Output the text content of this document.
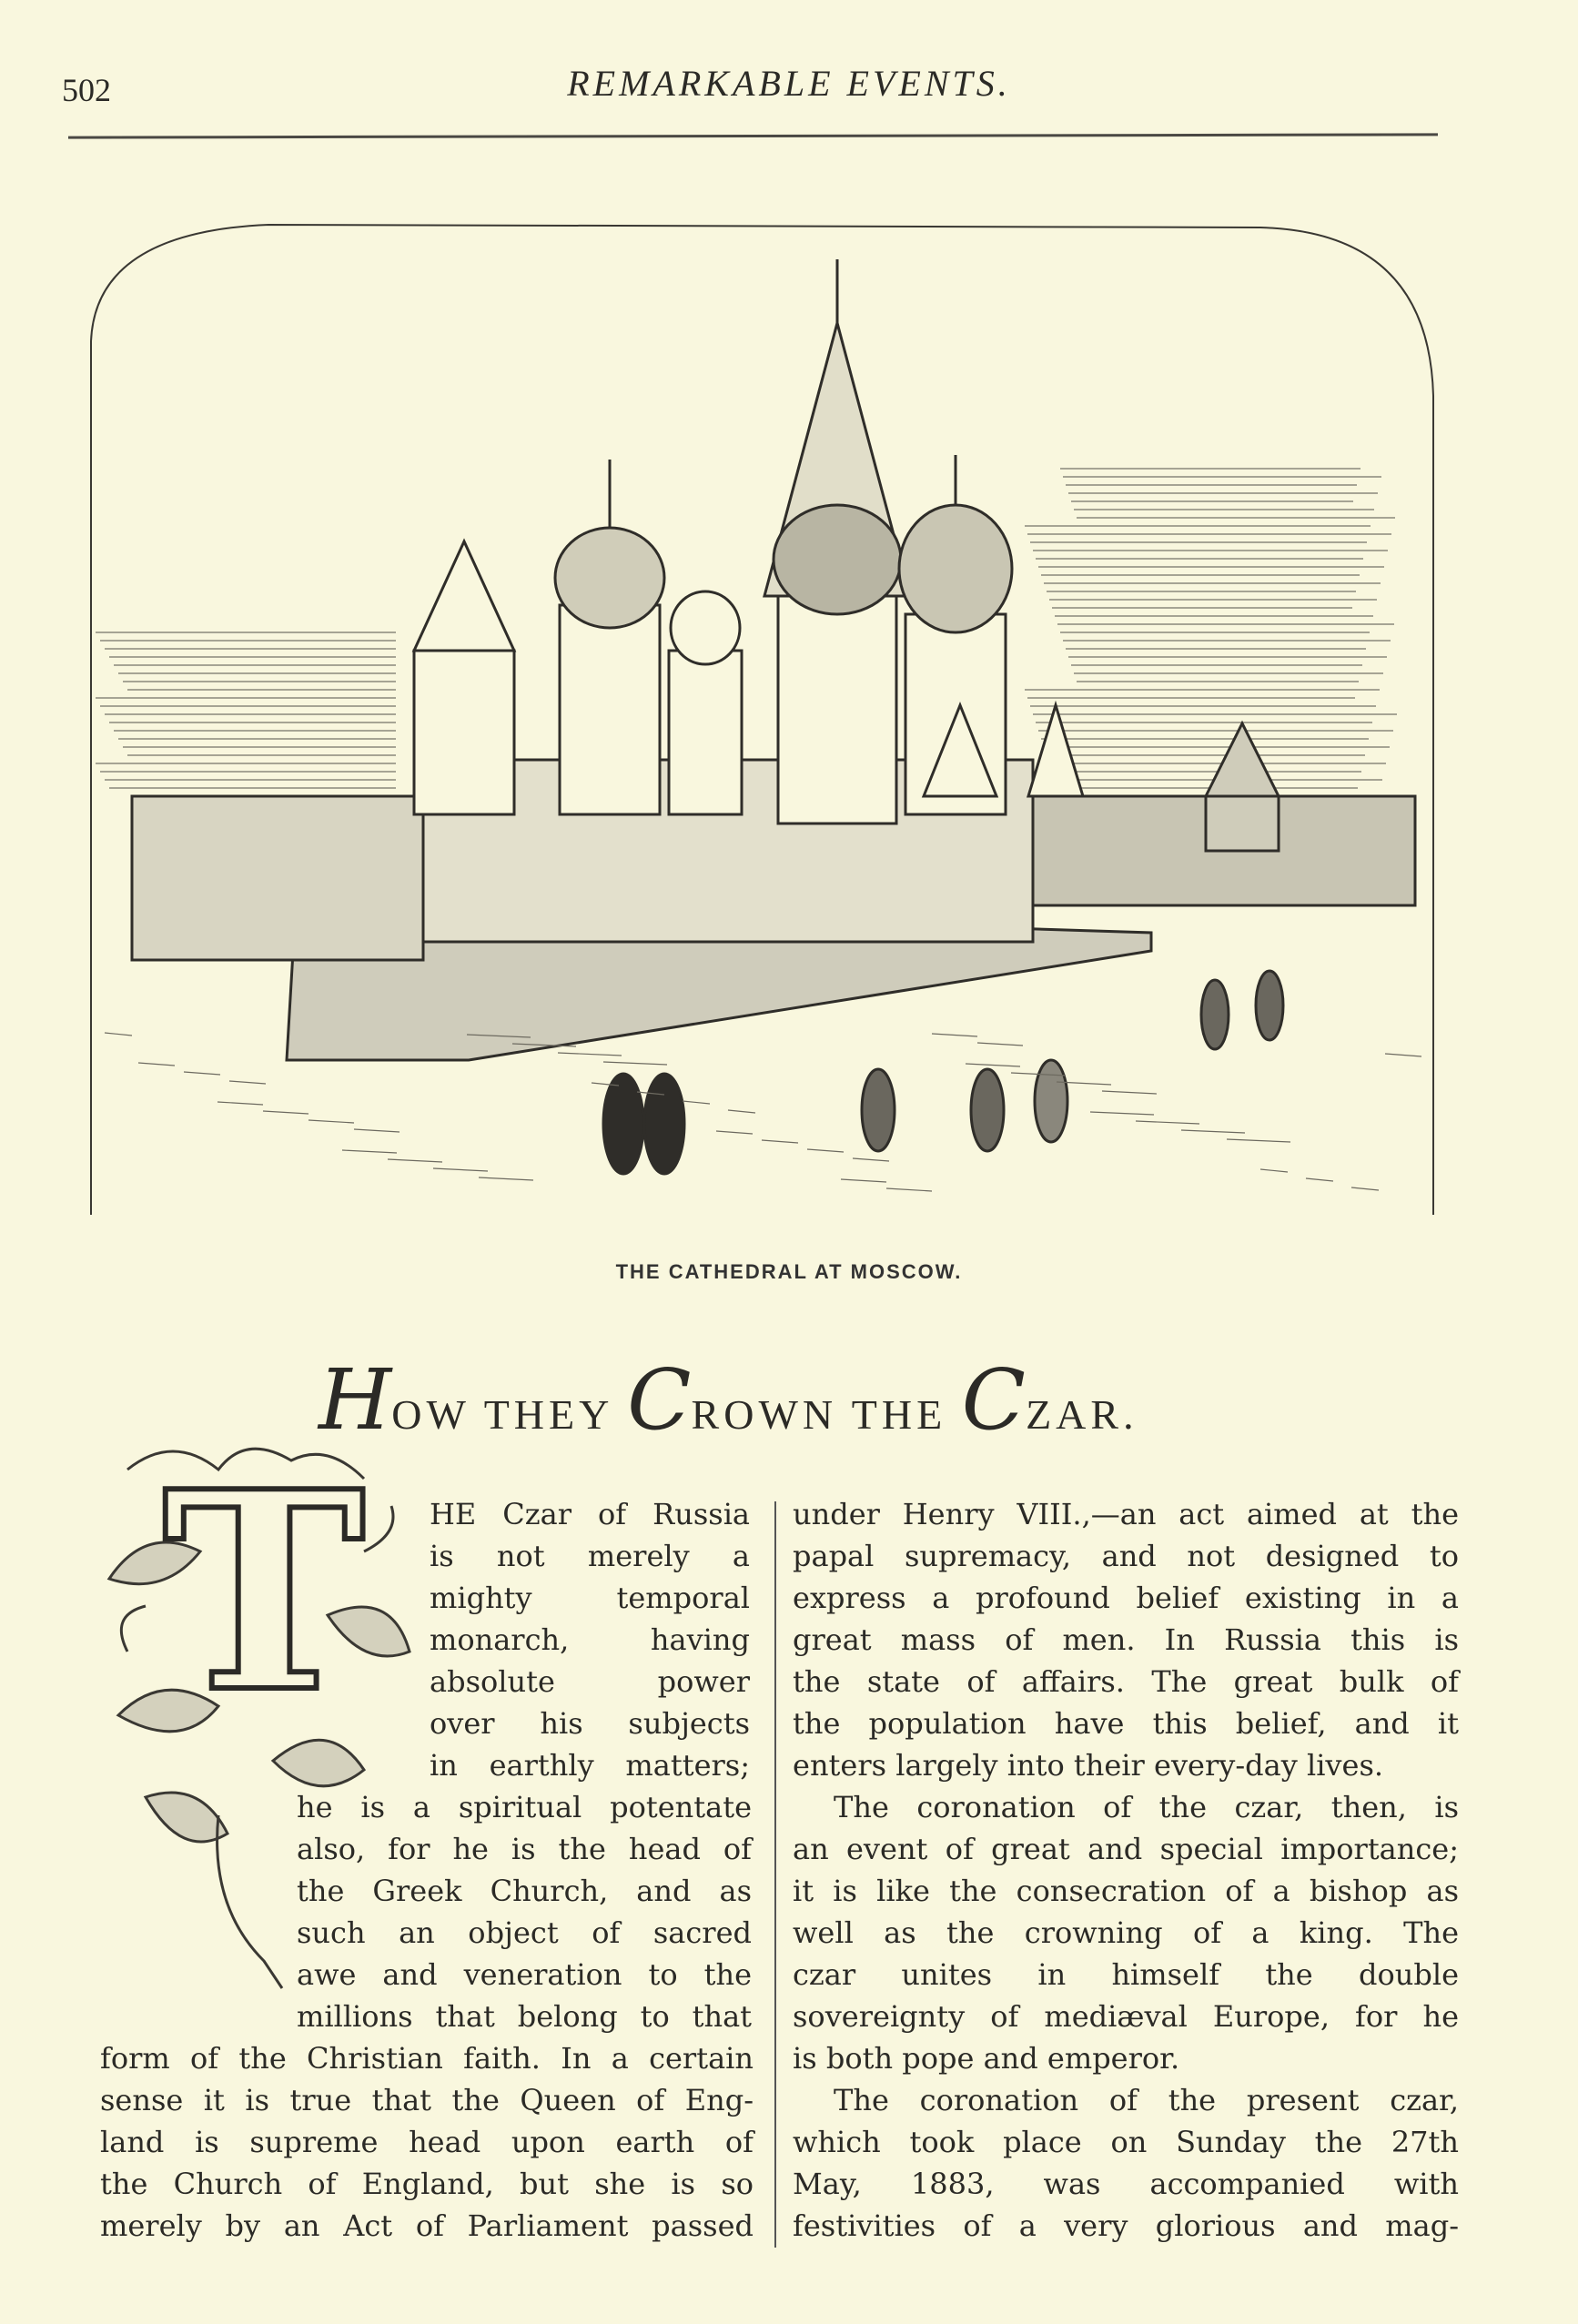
502	REMARKABLE EVENTS.
THE CATHEDRAL AT MOSCOW.
HOW THEY CROWN THE CZAR.
T HE Czar of Russia
is not merely a
mighty temporal
monarch, having
absolute power
over his subjects
in earthly matters;
he is a spiritual potentate
also, for he is the head of
the Greek Church, and as
such an object of sacred
awe and veneration to the
millions that belong to that
form of the Christian faith. In a certain
sense it is true that the Queen of Eng-
land is supreme head upon earth of
the Church of England, but she is so
merely by an Act of Parliament passed
under Henry VIII.,—an act aimed at the
papal supremacy, and not designed to
express a profound belief existing in a
great mass of men. In Russia this is
the state of affairs. The great bulk of
the population have this belief, and it
enters largely into their every-day lives.
The coronation of the czar, then, is
an event of great and special importance;
it is like the consecration of a bishop as
well as the crowning of a king. The
czar unites in himself the double
sovereignty of mediæval Europe, for he
is both pope and emperor.
The coronation of the present czar,
which took place on Sunday the 27th
May, 1883, was accompanied with
festivities of a very glorious and mag-
